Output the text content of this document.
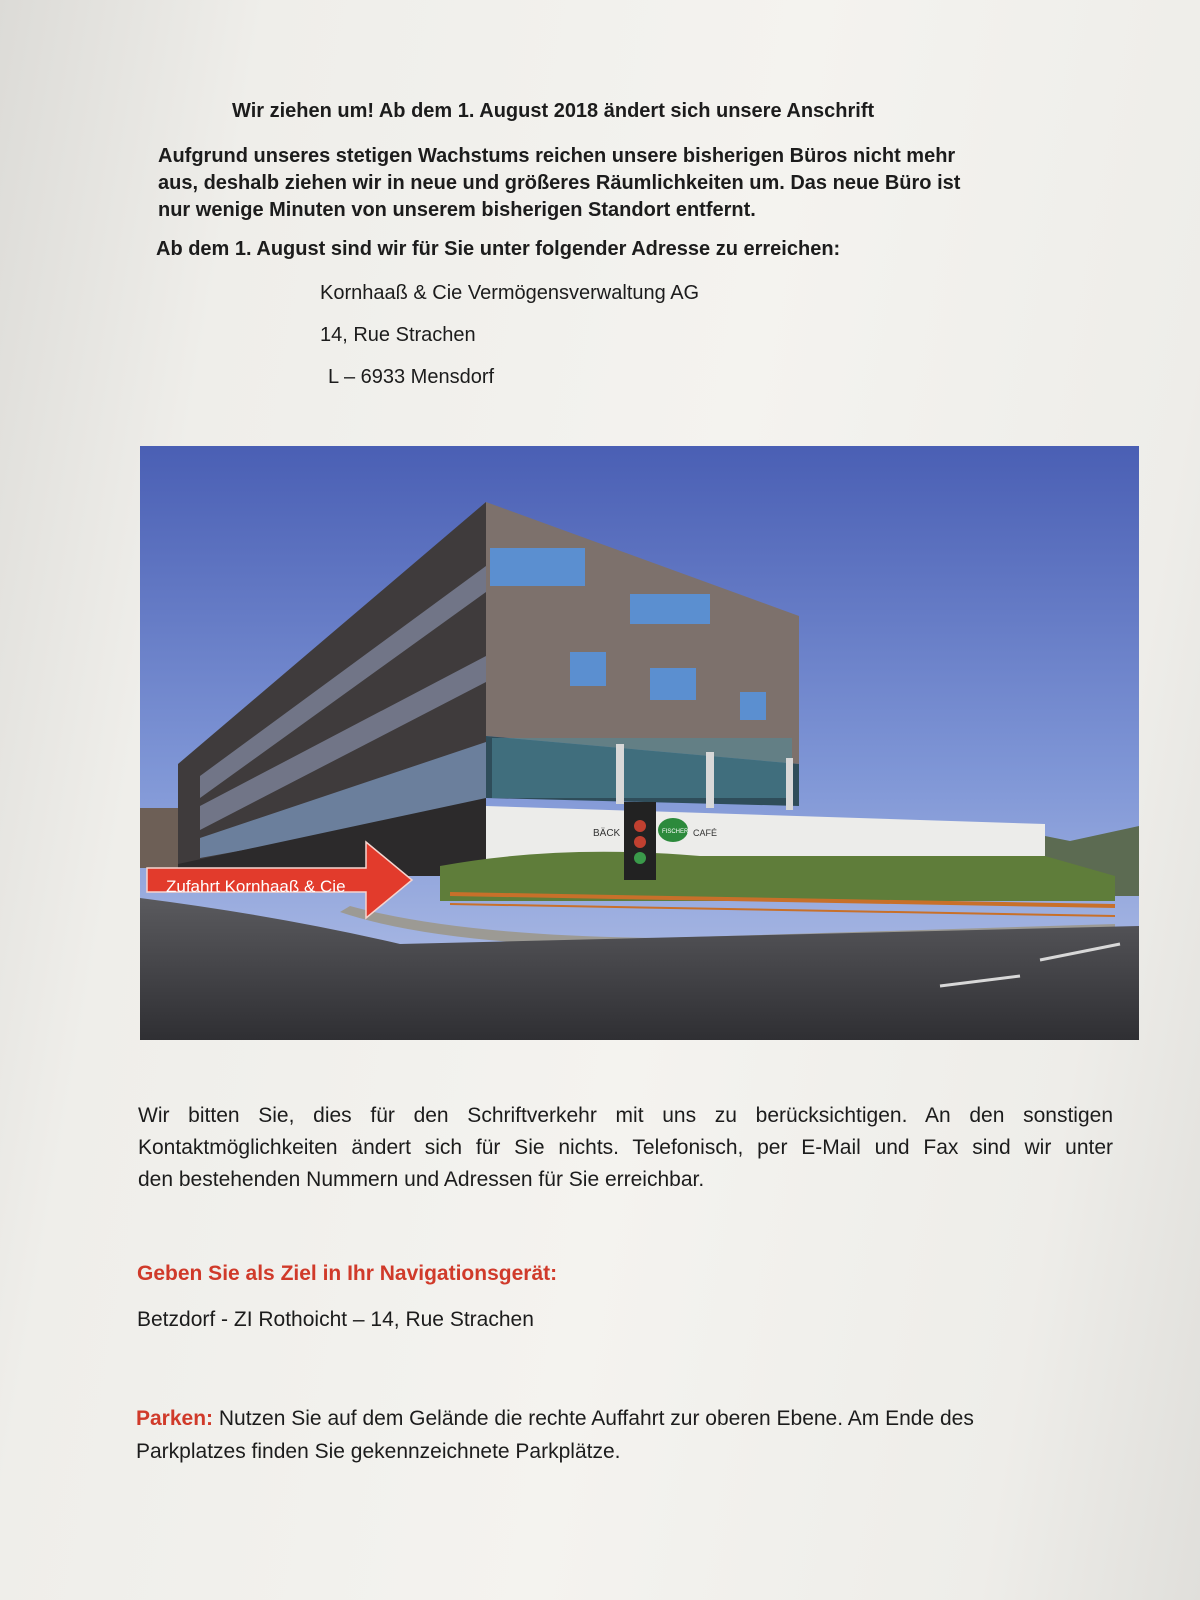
Wir ziehen um! Ab dem 1. August 2018 ändert sich unsere Anschrift
Aufgrund unseres stetigen Wachstums reichen unsere bisherigen Büros nicht mehr
aus, deshalb ziehen wir in neue und größeres Räumlichkeiten um. Das neue Büro ist
nur wenige Minuten von unserem bisherigen Standort entfernt.
Ab dem 1. August sind wir für Sie unter folgender Adresse zu erreichen:
Kornhaaß & Cie Vermögensverwaltung AG
14, Rue Strachen
L – 6933 Mensdorf
BÄCK	FISCHER CAFÉ
Zufahrt Kornhaaß & Cie
Wir bitten Sie, dies für den Schriftverkehr mit uns zu berücksichtigen. An den sonstigen
Kontaktmöglichkeiten ändert sich für Sie nichts. Telefonisch, per E-Mail und Fax sind wir unter
den bestehenden Nummern und Adressen für Sie erreichbar.
Geben Sie als Ziel in Ihr Navigationsgerät:
Betzdorf - ZI Rothoicht – 14, Rue Strachen
Parken: Nutzen Sie auf dem Gelände die rechte Auffahrt zur oberen Ebene. Am Ende des
Parkplatzes finden Sie gekennzeichnete Parkplätze.
